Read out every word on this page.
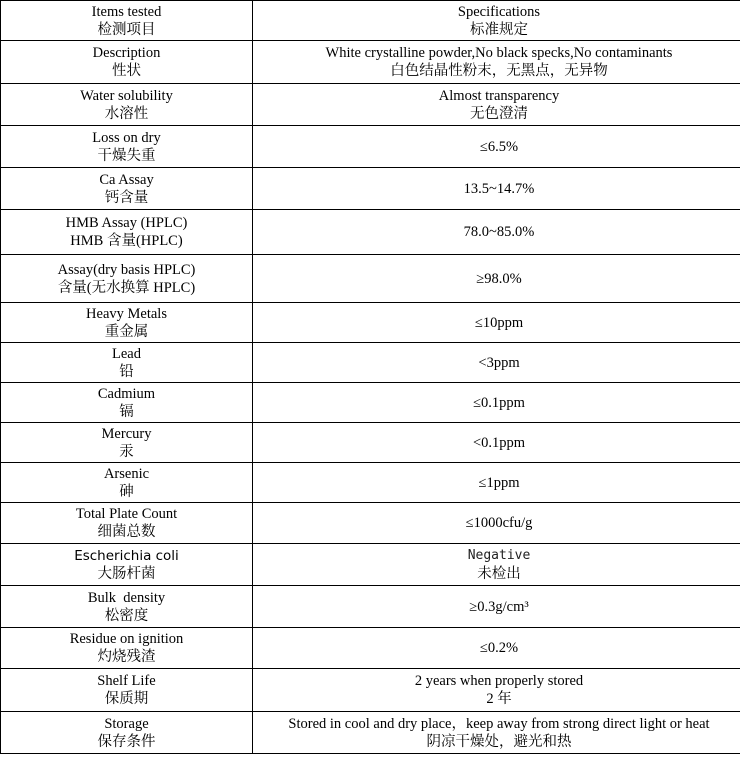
Items tested
检测项目	Specifications
标准规定

Description
性状	White crystalline powder,No black specks,No contaminants
白色结晶性粉末，无黑点，无异物

Water solubility
水溶性	Almost transparency
无色澄清

Loss on dry
干燥失重	≤6.5%

Ca Assay
钙含量	13.5~14.7%

HMB Assay (HPLC)
HMB 含量(HPLC)	78.0~85.0%

Assay(dry basis HPLC)
含量(无水换算 HPLC)	≥98.0%

Heavy Metals
重金属	≤10ppm

Lead
铅	<3ppm

Cadmium
镉	≤0.1ppm

Mercury
汞	<0.1ppm

Arsenic
砷	≤1ppm

Total Plate Count
细菌总数	≤1000cfu/g

Escherichia coli
大肠杆菌	Negative
未检出

Bulk  density
松密度	≥0.3g/cm³

Residue on ignition
灼烧残渣	≤0.2%

Shelf Life
保质期	2 years when properly stored
2 年

Storage
保存条件	Stored in cool and dry place，keep away from strong direct light or heat
阴凉干燥处，避光和热
